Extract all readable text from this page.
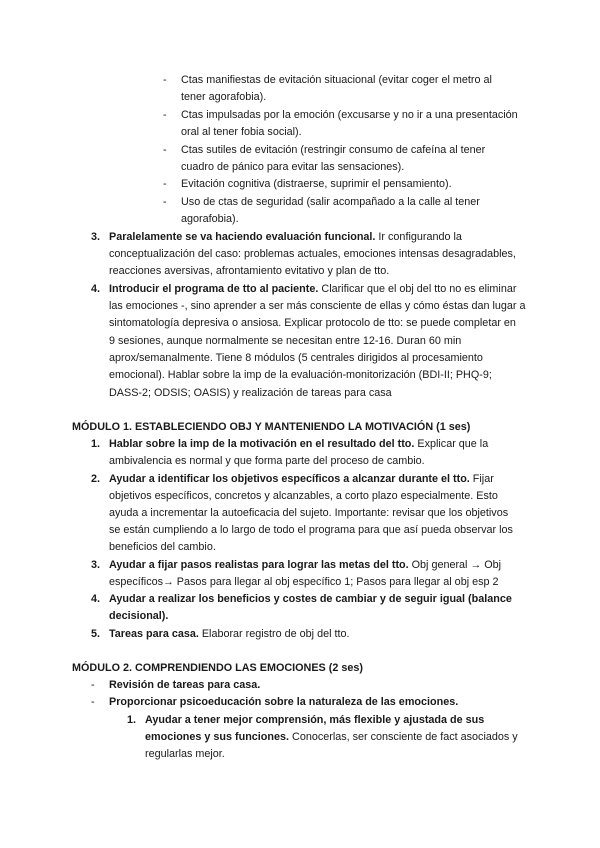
- Ctas manifiestas de evitación situacional (evitar coger el metro al
tener agorafobia).
- Ctas impulsadas por la emoción (excusarse y no ir a una presentación
oral al tener fobia social).
- Ctas sutiles de evitación (restringir consumo de cafeína al tener
cuadro de pánico para evitar las sensaciones).
- Evitación cognitiva (distraerse, suprimir el pensamiento).
- Uso de ctas de seguridad (salir acompañado a la calle al tener
agorafobia).
3. Paralelamente se va haciendo evaluación funcional. Ir configurando la
conceptualización del caso: problemas actuales, emociones intensas desagradables,
reacciones aversivas, afrontamiento evitativo y plan de tto.
4. Introducir el programa de tto al paciente. Clarificar que el obj del tto no es eliminar
las emociones -, sino aprender a ser más consciente de ellas y cómo éstas dan lugar a
sintomatología depresiva o ansiosa. Explicar protocolo de tto: se puede completar en
9 sesiones, aunque normalmente se necesitan entre 12-16. Duran 60 min
aprox/semanalmente. Tiene 8 módulos (5 centrales dirigidos al procesamiento
emocional). Hablar sobre la imp de la evaluación-monitorización (BDI-II; PHQ-9;
DASS-2; ODSIS; OASIS) y realización de tareas para casa
MÓDULO 1. ESTABLECIENDO OBJ Y MANTENIENDO LA MOTIVACIÓN (1 ses)
1. Hablar sobre la imp de la motivación en el resultado del tto. Explicar que la
ambivalencia es normal y que forma parte del proceso de cambio.
2. Ayudar a identificar los objetivos específicos a alcanzar durante el tto. Fijar
objetivos específicos, concretos y alcanzables, a corto plazo especialmente. Esto
ayuda a incrementar la autoeficacia del sujeto. Importante: revisar que los objetivos
se están cumpliendo a lo largo de todo el programa para que así pueda observar los
beneficios del cambio.
3. Ayudar a fijar pasos realistas para lograr las metas del tto. Obj general → Obj
específicos→ Pasos para llegar al obj específico 1; Pasos para llegar al obj esp 2
4. Ayudar a realizar los beneficios y costes de cambiar y de seguir igual (balance
decisional).
5. Tareas para casa. Elaborar registro de obj del tto.
MÓDULO 2. COMPRENDIENDO LAS EMOCIONES (2 ses)
- Revisión de tareas para casa.
- Proporcionar psicoeducación sobre la naturaleza de las emociones.
1. Ayudar a tener mejor comprensión, más flexible y ajustada de sus
emociones y sus funciones. Conocerlas, ser consciente de fact asociados y
regularlas mejor.
